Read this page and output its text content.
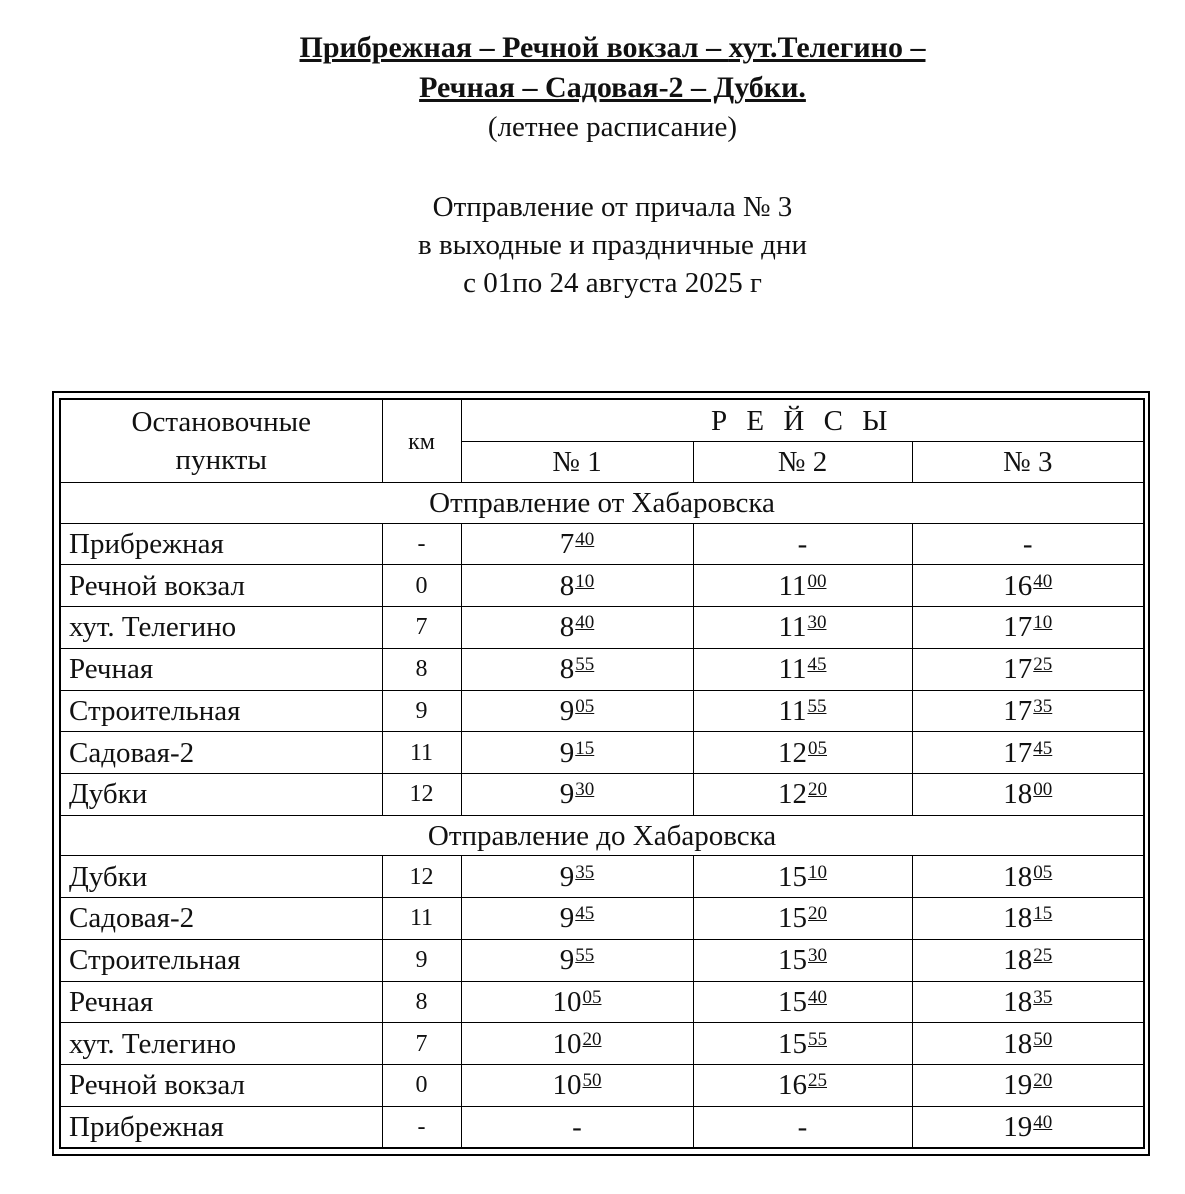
Прибрежная – Речной вокзал – хут.Телегино –
Речная – Садовая-2 – Дубки.
(летнее расписание)
Отправление от причала № 3
в выходные и праздничные дни
с 01по 24 августа 2025 г
Остановочные пункты	км	Р Е Й С Ы		
		№ 1	№ 2	№ 3
Отправление от Хабаровска				
Прибрежная	-	$7^{40}$	-	-
Речной вокзал	0	$8^{10}$	$11^{00}$	$16^{40}$
хут. Телегино	7	$8^{40}$	$11^{30}$	$17^{10}$
Речная	8	$8^{55}$	$11^{45}$	$17^{25}$
Строительная	9	$9^{05}$	$11^{55}$	$17^{35}$
Садовая-2	11	$9^{15}$	$12^{05}$	$17^{45}$
Дубки	12	$9^{30}$	$12^{20}$	$18^{00}$
Отправление до Хабаровска				
Дубки	12	$9^{35}$	$15^{10}$	$18^{05}$
Садовая-2	11	$9^{45}$	$15^{20}$	$18^{15}$
Строительная	9	$9^{55}$	$15^{30}$	$18^{25}$
Речная	8	$10^{05}$	$15^{40}$	$18^{35}$
хут. Телегино	7	$10^{20}$	$15^{55}$	$18^{50}$
Речной вокзал	0	$10^{50}$	$16^{25}$	$19^{20}$
Прибрежная	-	-	-	$19^{40}$
